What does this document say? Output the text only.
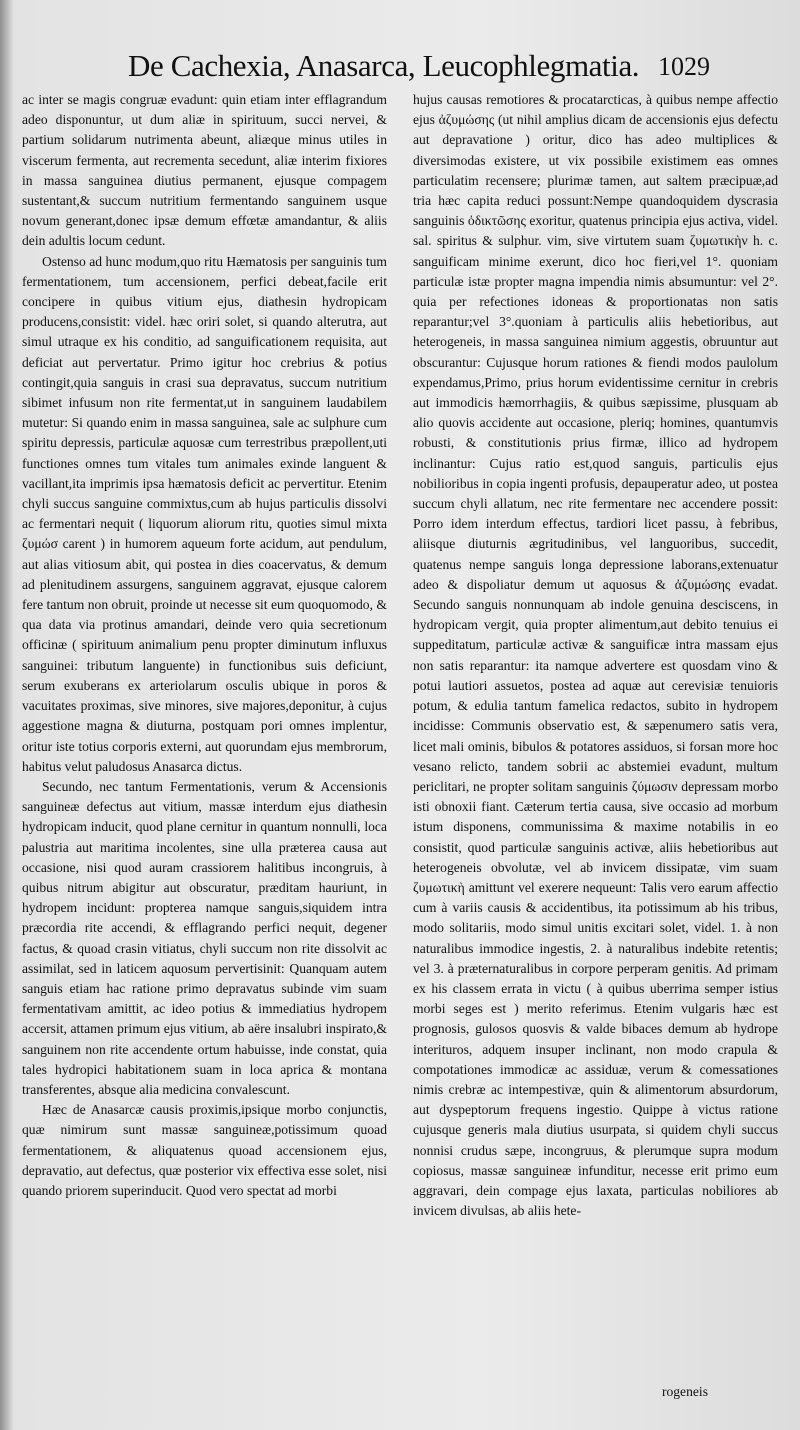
De Cachexia, Anasarca, Leucophlegmatia. 1029

ac inter se magis congruæ evadunt: quin etiam inter efflagrandum adeo disponuntur, ut dum aliæ in spirituum, succi nervei, & partium solidarum nutrimenta abeunt, aliæque minus utiles in viscerum fermenta, aut recrementa secedunt, aliæ interim fixiores in massa sanguinea diutius permanent, ejusque compagem sustentant,& succum nutritium fermentando sanguinem usque novum generant,donec ipsæ demum effœtæ amandantur, & aliis dein adultis locum cedunt.

Ostenso ad hunc modum,quo ritu Hæmatosis per sanguinis tum fermentationem, tum accensionem, perfici debeat,facile erit concipere in quibus vitium ejus, diathesin hydropicam producens,consistit: videl. hæc oriri solet, si quando alterutra, aut simul utraque ex his conditio, ad sanguificationem requisita, aut deficiat aut pervertatur. Primo igitur hoc crebrius & potius contingit,quia sanguis in crasi sua depravatus, succum nutritium sibimet infusum non rite fermentat,ut in sanguinem laudabilem mutetur: Si quando enim in massa sanguinea, sale ac sulphure cum spiritu depressis, particulæ aquosæ cum terrestribus præpollent,uti functiones omnes tum vitales tum animales exinde languent & vacillant,ita imprimis ipsa hæmatosis deficit ac pervertitur. Etenim chyli succus sanguine commixtus,cum ab hujus particulis dissolvi ac fermentari nequit ( liquorum aliorum ritu, quoties simul mixta ζυμώσ carent ) in humorem aqueum forte acidum, aut pendulum, aut alias vitiosum abit, qui postea in dies coacervatus, & demum ad plenitudinem assurgens, sanguinem aggravat, ejusque calorem fere tantum non obruit, proinde ut necesse sit eum quoquomodo, & qua data via protinus amandari, deinde vero quia secretionum officinæ ( spirituum animalium penu propter diminutum influxus sanguinei: tributum languente) in functionibus suis deficiunt, serum exuberans ex arteriolarum osculis ubique in poros & vacuitates proximas, sive minores, sive majores,deponitur, à cujus aggestione magna & diuturna, postquam pori omnes implentur, oritur iste totius corporis externi, aut quorundam ejus membrorum, habitus velut paludosus Anasarca dictus.

Secundo, nec tantum Fermentationis, verum & Accensionis sanguineæ defectus aut vitium, massæ interdum ejus diathesin hydropicam inducit, quod plane cernitur in quantum nonnulli, loca palustria aut maritima incolentes, sine ulla præterea causa aut occasione, nisi quod auram crassiorem halitibus incongruis, à quibus nitrum abigitur aut obscuratur, præditam hauriunt, in hydropem incidunt: propterea namque sanguis,siquidem intra præcordia rite accendi, & efflagrando perfici nequit, degener factus, & quoad crasin vitiatus, chyli succum non rite dissolvit ac assimilat, sed in laticem aquosum pervertisinit: Quanquam autem sanguis etiam hac ratione primo depravatus subinde vim suam fermentativam amittit, ac ideo potius & immediatius hydropem accersit, attamen primum ejus vitium, ab aëre insalubri inspirato,& sanguinem non rite accendente ortum habuisse, inde constat, quia tales hydropici habitationem suam in loca aprica & montana transferentes, absque alia medicina convalescunt.

Hæc de Anasarcæ causis proximis,ipsique morbo conjunctis, quæ nimirum sunt massæ sanguineæ,potissimum quoad fermentationem, & aliquatenus quoad accensionem ejus, depravatio, aut defectus, quæ posterior vix effectiva esse solet, nisi quando priorem superinducit. Quod vero spectat ad morbi

hujus causas remotiores & procatarcticas, à quibus nempe affectio ejus ἀζυμώσης (ut nihil amplius dicam de accensionis ejus defectu aut depravatione ) oritur, dico has adeo multiplices & diversimodas existere, ut vix possibile existimem eas omnes particulatim recensere; plurimæ tamen, aut saltem præcipuæ,ad tria hæc capita reduci possunt:Nempe quandoquidem dyscrasia sanguinis ὀδικτῶσης exoritur, quatenus principia ejus activa, videl. sal. spiritus & sulphur. vim, sive virtutem suam ζυμωτικὴν h. c. sanguificam minime exerunt, dico hoc fieri,vel 1°. quoniam particulæ istæ propter magna impendia nimis absumuntur: vel 2°. quia per refectiones idoneas & proportionatas non satis reparantur;vel 3°.quoniam à particulis aliis hebetioribus, aut heterogeneis, in massa sanguinea nimium aggestis, obruuntur aut obscurantur: Cujusque horum rationes & fiendi modos paulolum expendamus,Primo, prius horum evidentissime cernitur in crebris aut immodicis hæmorrhagiis, & quibus sæpissime, plusquam ab alio quovis accidente aut occasione, pleriq; homines, quantumvis robusti, & constitutionis prius firmæ, illico ad hydropem inclinantur: Cujus ratio est,quod sanguis, particulis ejus nobilioribus in copia ingenti profusis, depauperatur adeo, ut postea succum chyli allatum, nec rite fermentare nec accendere possit: Porro idem interdum effectus, tardiori licet passu, à febribus, aliisque diuturnis ægritudinibus, vel languoribus, succedit, quatenus nempe sanguis longa depressione laborans,extenuatur adeo & dispoliatur demum ut aquosus & ἀζυμώσης evadat. Secundo sanguis nonnunquam ab indole genuina desciscens, in hydropicam vergit, quia propter alimentum,aut debito tenuius ei suppeditatum, particulæ activæ & sanguificæ intra massam ejus non satis reparantur: ita namque advertere est quosdam vino & potui lautiori assuetos, postea ad aquæ aut cerevisiæ tenuioris potum, & edulia tantum famelica redactos, subito in hydropem incidisse: Communis observatio est, & sæpenumero satis vera, licet mali ominis, bibulos & potatores assiduos, si forsan more hoc vesano relicto, tandem sobrii ac abstemiei evadunt, multum periclitari, ne propter solitam sanguinis ζύμωσιν depressam morbo isti obnoxii fiant. Cæterum tertia causa, sive occasio ad morbum istum disponens, communissima & maxime notabilis in eo consistit, quod particulæ sanguinis activæ, aliis hebetioribus aut heterogeneis obvolutæ, vel ab invicem dissipatæ, vim suam ζυμωτικὴ amittunt vel exerere nequeunt: Talis vero earum affectio cum à variis causis & accidentibus, ita potissimum ab his tribus, modo solitariis, modo simul unitis excitari solet, videl. 1. à non naturalibus immodice ingestis, 2. à naturalibus indebite retentis; vel 3. à præternaturalibus in corpore perperam genitis. Ad primam ex his classem errata in victu ( à quibus uberrima semper istius morbi seges est ) merito referimus. Etenim vulgaris hæc est prognosis, gulosos quosvis & valde bibaces demum ab hydrope interituros, adquem insuper inclinant, non modo crapula & compotationes immodicæ ac assiduæ, verum & comessationes nimis crebræ ac intempestivæ, quin & alimentorum absurdorum, aut dyspeptorum frequens ingestio. Quippe à victus ratione cujusque generis mala diutius usurpata, si quidem chyli succus nonnisi crudus sæpe, incongruus, & plerumque supra modum copiosus, massæ sanguineæ infunditur, necesse erit primo eum aggravari, dein compage ejus laxata, particulas nobiliores ab invicem divulsas, ab aliis hete-

rogeneis
